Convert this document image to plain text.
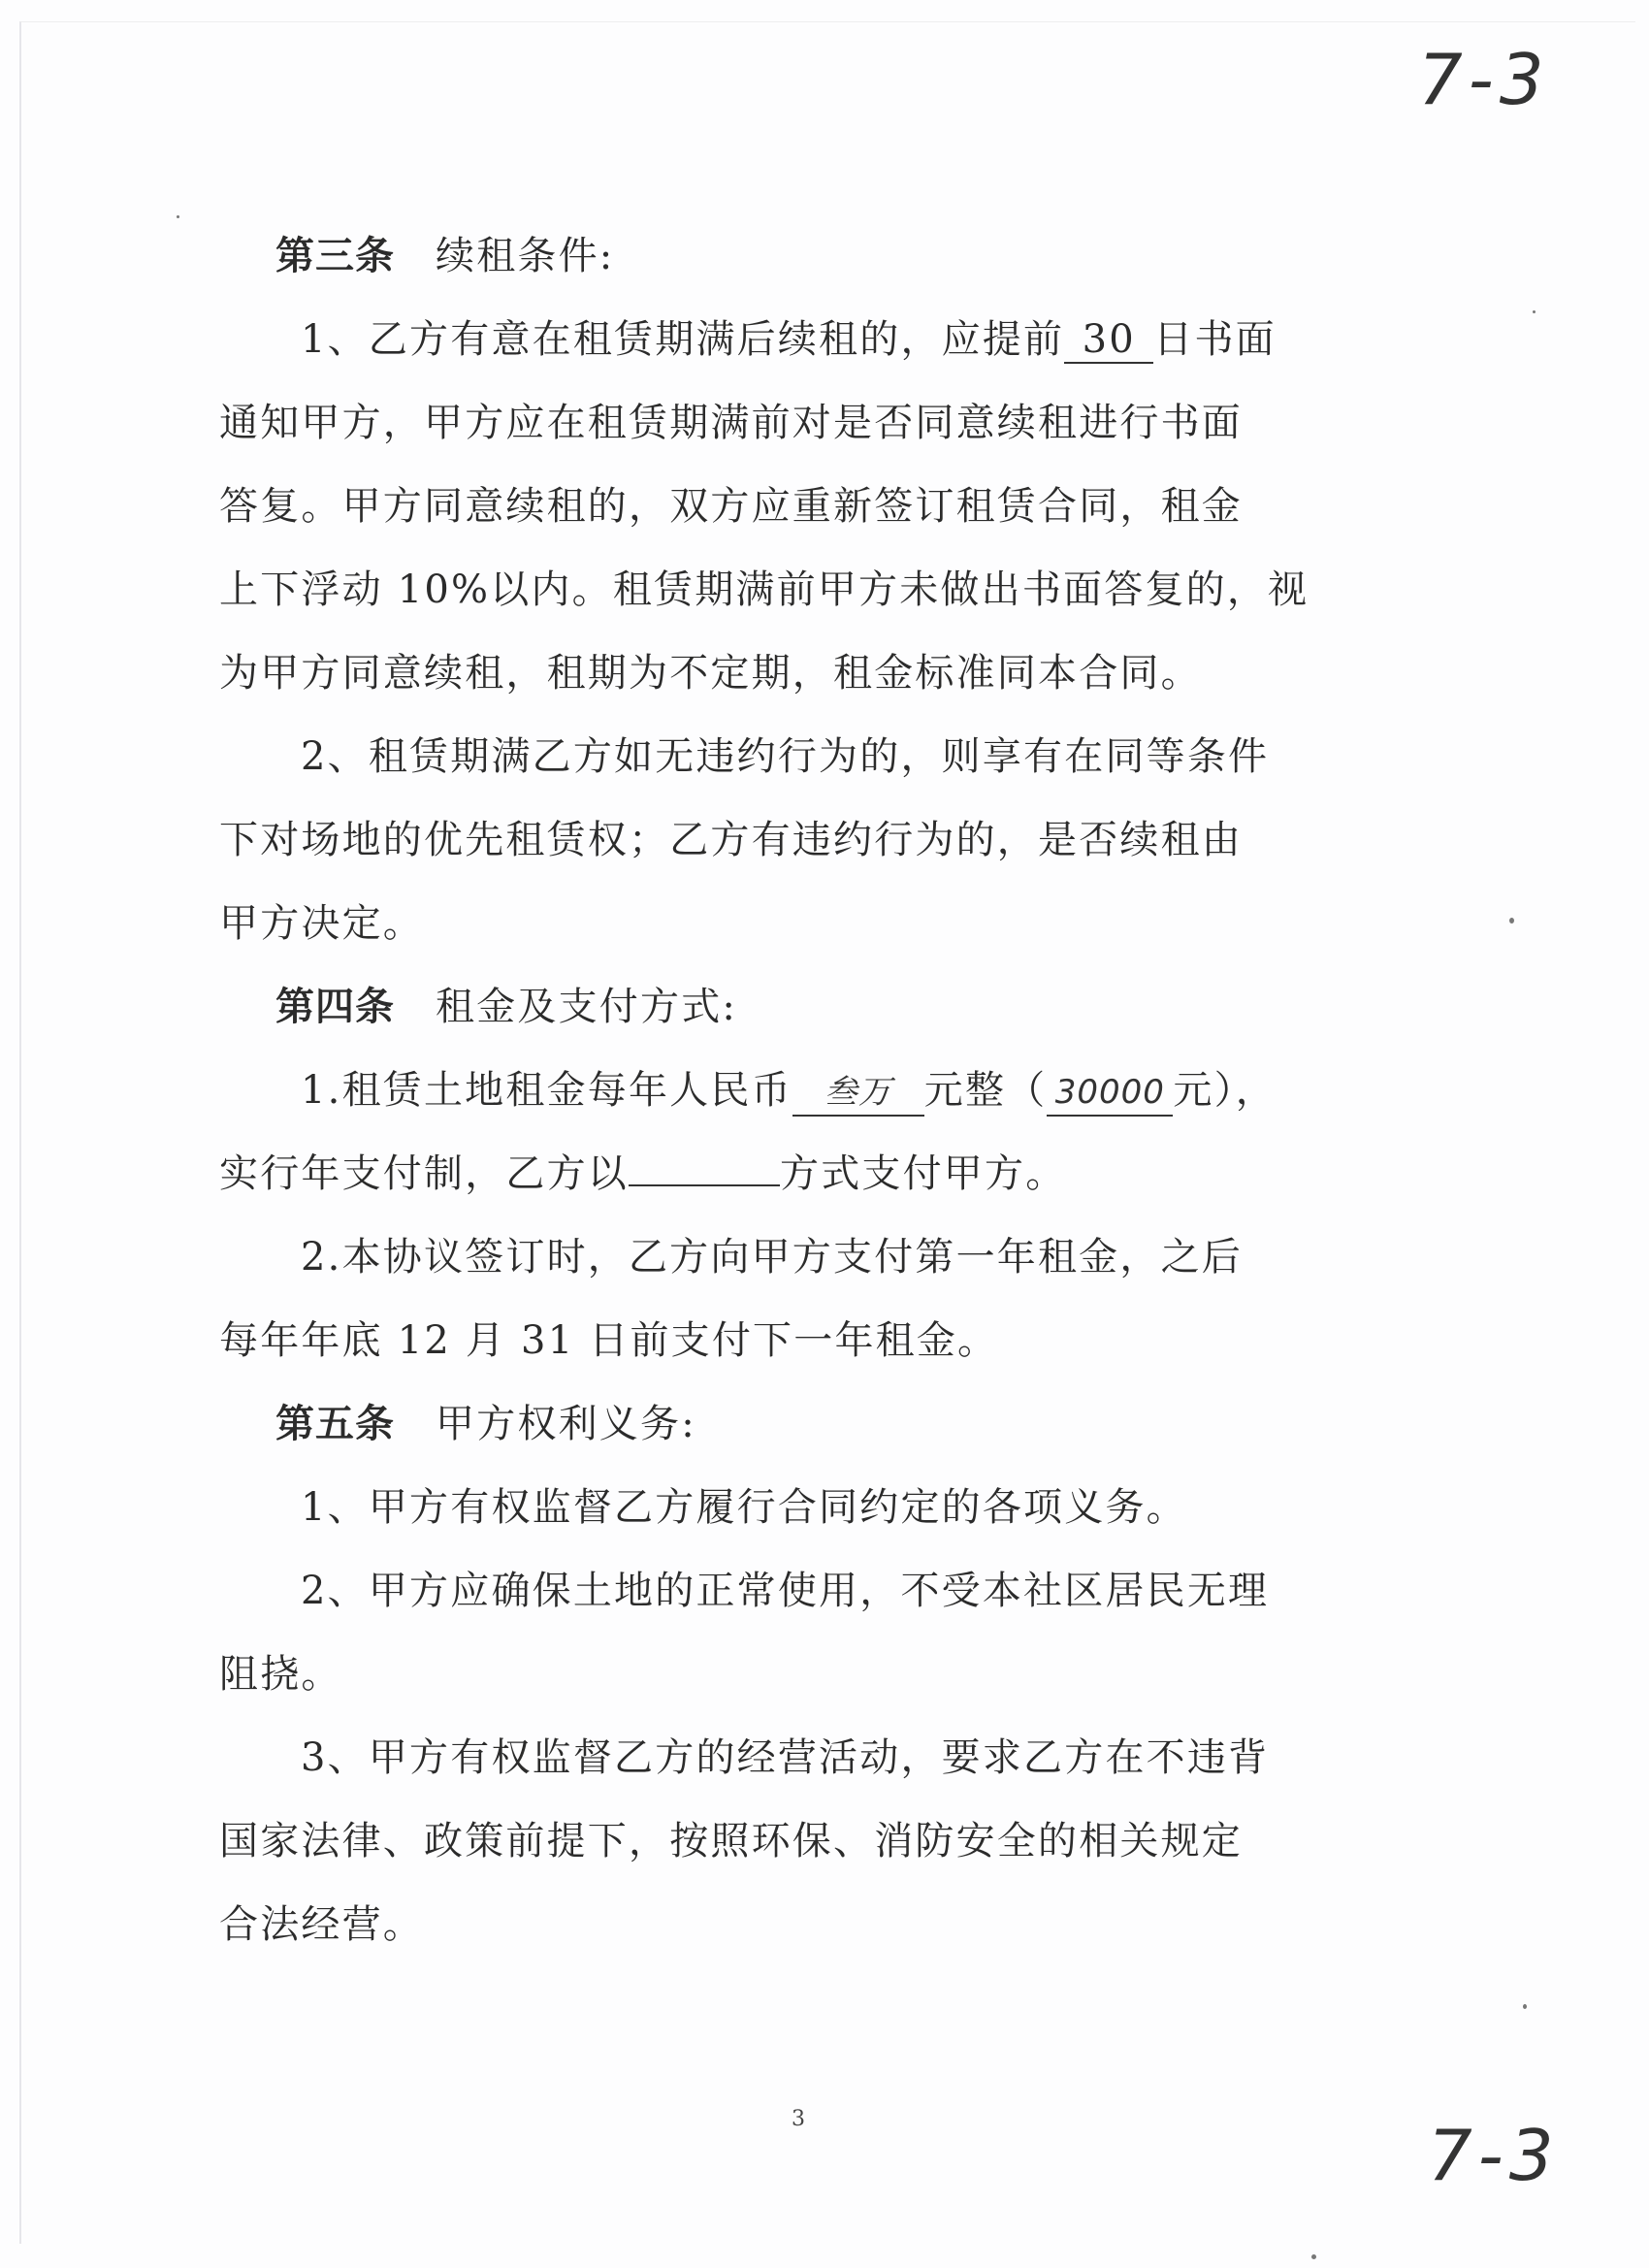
7-3
第三条 续租条件:
1、乙方有意在租赁期满后续租的，应提前 30 日书面
通知甲方，甲方应在租赁期满前对是否同意续租进行书面
答复。甲方同意续租的，双方应重新签订租赁合同，租金
上下浮动 10%以内。租赁期满前甲方未做出书面答复的，视
为甲方同意续租，租期为不定期，租金标准同本合同。
2、租赁期满乙方如无违约行为的，则享有在同等条件
下对场地的优先租赁权；乙方有违约行为的，是否续租由
甲方决定。
第四条 租金及支付方式:
1.租赁土地租金每年人民币 叁万 元整（ 30000 元），
实行年支付制，乙方以	方式支付甲方。
2.本协议签订时，乙方向甲方支付第一年租金，之后
每年年底 12 月 31 日前支付下一年租金。
第五条 甲方权利义务:
1、甲方有权监督乙方履行合同约定的各项义务。
2、甲方应确保土地的正常使用，不受本社区居民无理
阻挠。
3、甲方有权监督乙方的经营活动，要求乙方在不违背
国家法律、政策前提下，按照环保、消防安全的相关规定
合法经营。
3	7-3
